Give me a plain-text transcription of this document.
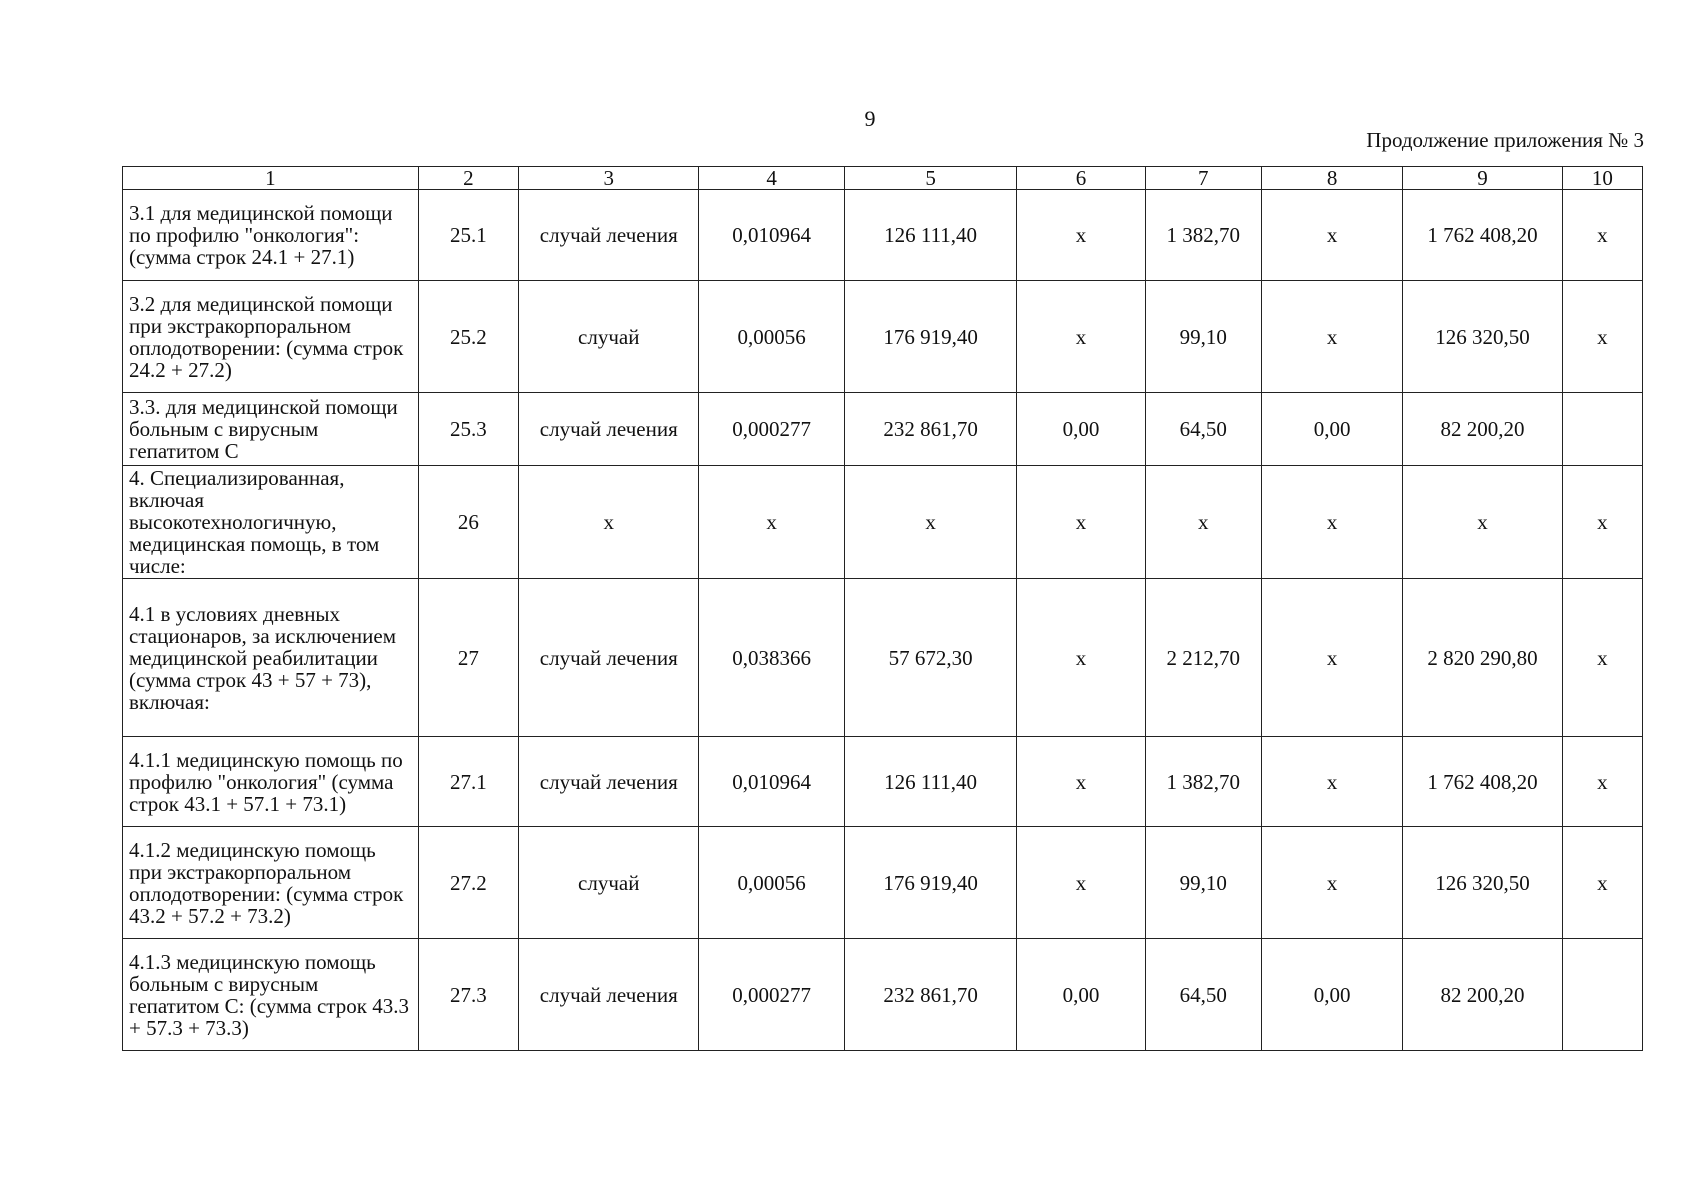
9
Продолжение приложения № 3
1	2	3	4	5	6	7	8	9	10
3.1 для медицинской помощи по профилю "онкология": (сумма строк 24.1 + 27.1)	25.1	случай лечения	0,010964	126 111,40	х	1 382,70	х	1 762 408,20	х
3.2 для медицинской помощи при экстракорпоральном оплодотворении: (сумма строк 24.2 + 27.2)	25.2	случай	0,00056	176 919,40	х	99,10	х	126 320,50	х
3.3. для медицинской помощи больным с вирусным гепатитом С	25.3	случай лечения	0,000277	232 861,70	0,00	64,50	0,00	82 200,20	
4. Специализированная, включая высокотехнологичную, медицинская помощь, в том числе:	26	х	х	х	х	х	х	х	х
4.1 в условиях дневных стационаров, за исключением медицинской реабилитации (сумма строк 43 + 57 + 73), включая:	27	случай лечения	0,038366	57 672,30	х	2 212,70	х	2 820 290,80	х
4.1.1 медицинскую помощь по профилю "онкология" (сумма строк 43.1 + 57.1 + 73.1)	27.1	случай лечения	0,010964	126 111,40	х	1 382,70	х	1 762 408,20	х
4.1.2 медицинскую помощь при экстракорпоральном оплодотворении: (сумма строк 43.2 + 57.2 + 73.2)	27.2	случай	0,00056	176 919,40	х	99,10	х	126 320,50	х
4.1.3 медицинскую помощь больным с вирусным гепатитом С: (сумма строк 43.3 + 57.3 + 73.3)	27.3	случай лечения	0,000277	232 861,70	0,00	64,50	0,00	82 200,20	
